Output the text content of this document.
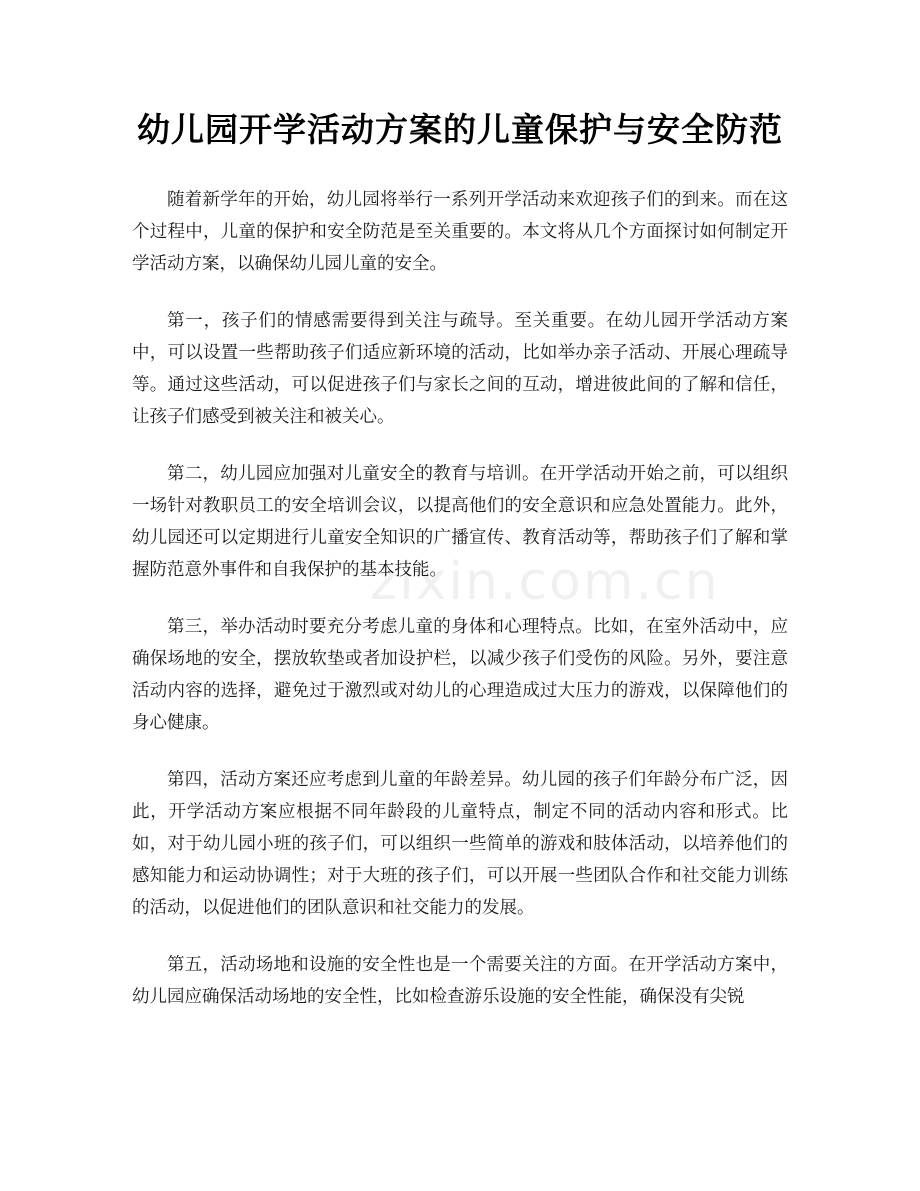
幼儿园开学活动方案的儿童保护与安全防范

随着新学年的开始，幼儿园将举行一系列开学活动来欢迎孩子们的到来。而在这个过程中，儿童的保护和安全防范是至关重要的。本文将从几个方面探讨如何制定开学活动方案，以确保幼儿园儿童的安全。

第一，孩子们的情感需要得到关注与疏导。至关重要。在幼儿园开学活动方案中，可以设置一些帮助孩子们适应新环境的活动，比如举办亲子活动、开展心理疏导等。通过这些活动，可以促进孩子们与家长之间的互动，增进彼此间的了解和信任，让孩子们感受到被关注和被关心。

第二，幼儿园应加强对儿童安全的教育与培训。在开学活动开始之前，可以组织一场针对教职员工的安全培训会议，以提高他们的安全意识和应急处置能力。此外，幼儿园还可以定期进行儿童安全知识的广播宣传、教育活动等，帮助孩子们了解和掌握防范意外事件和自我保护的基本技能。

第三，举办活动时要充分考虑儿童的身体和心理特点。比如，在室外活动中，应确保场地的安全，摆放软垫或者加设护栏，以减少孩子们受伤的风险。另外，要注意活动内容的选择，避免过于激烈或对幼儿的心理造成过大压力的游戏，以保障他们的身心健康。

第四，活动方案还应考虑到儿童的年龄差异。幼儿园的孩子们年龄分布广泛，因此，开学活动方案应根据不同年龄段的儿童特点，制定不同的活动内容和形式。比如，对于幼儿园小班的孩子们，可以组织一些简单的游戏和肢体活动，以培养他们的感知能力和运动协调性；对于大班的孩子们，可以开展一些团队合作和社交能力训练的活动，以促进他们的团队意识和社交能力的发展。

第五，活动场地和设施的安全性也是一个需要关注的方面。在开学活动方案中，幼儿园应确保活动场地的安全性，比如检查游乐设施的安全性能，确保没有尖锐

zixin.com.cn
